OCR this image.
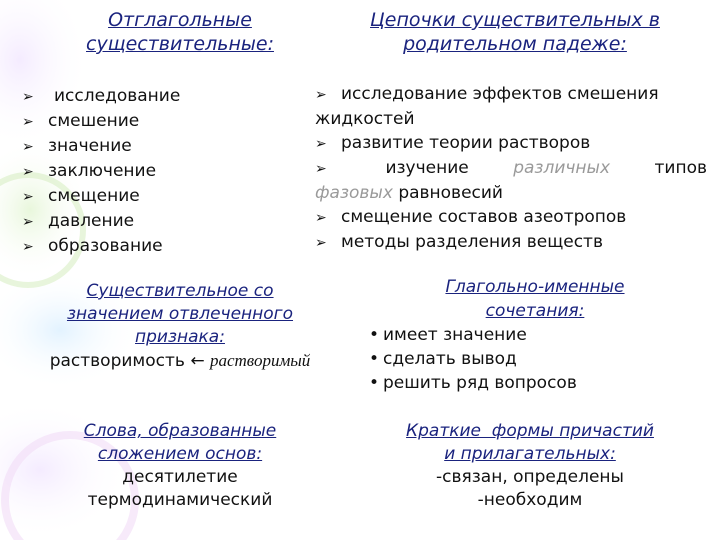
Отглагольные
существительные:
Цепочки существительных в
родительном падеже:
➢ исследование
➢ смешение
➢ значение
➢ заключение
➢ смещение
➢ давление
➢ образование
➢ исследование эффектов смешения
жидкостей
➢ развитие теории растворов
➢	изучение	различных	типов
фазовых равновесий
➢ смещение составов азеотропов
➢ методы разделения веществ
Существительное со
значением отвлеченного
признака:
растворимость ← растворимый
Глагольно-именные
сочетания:
• имеет значение
• сделать вывод
• решить ряд вопросов
Слова, образованные
сложением основ:
десятилетие
термодинамический
Краткие  формы причастий
и прилагательных:
-связан, определены
-необходим
